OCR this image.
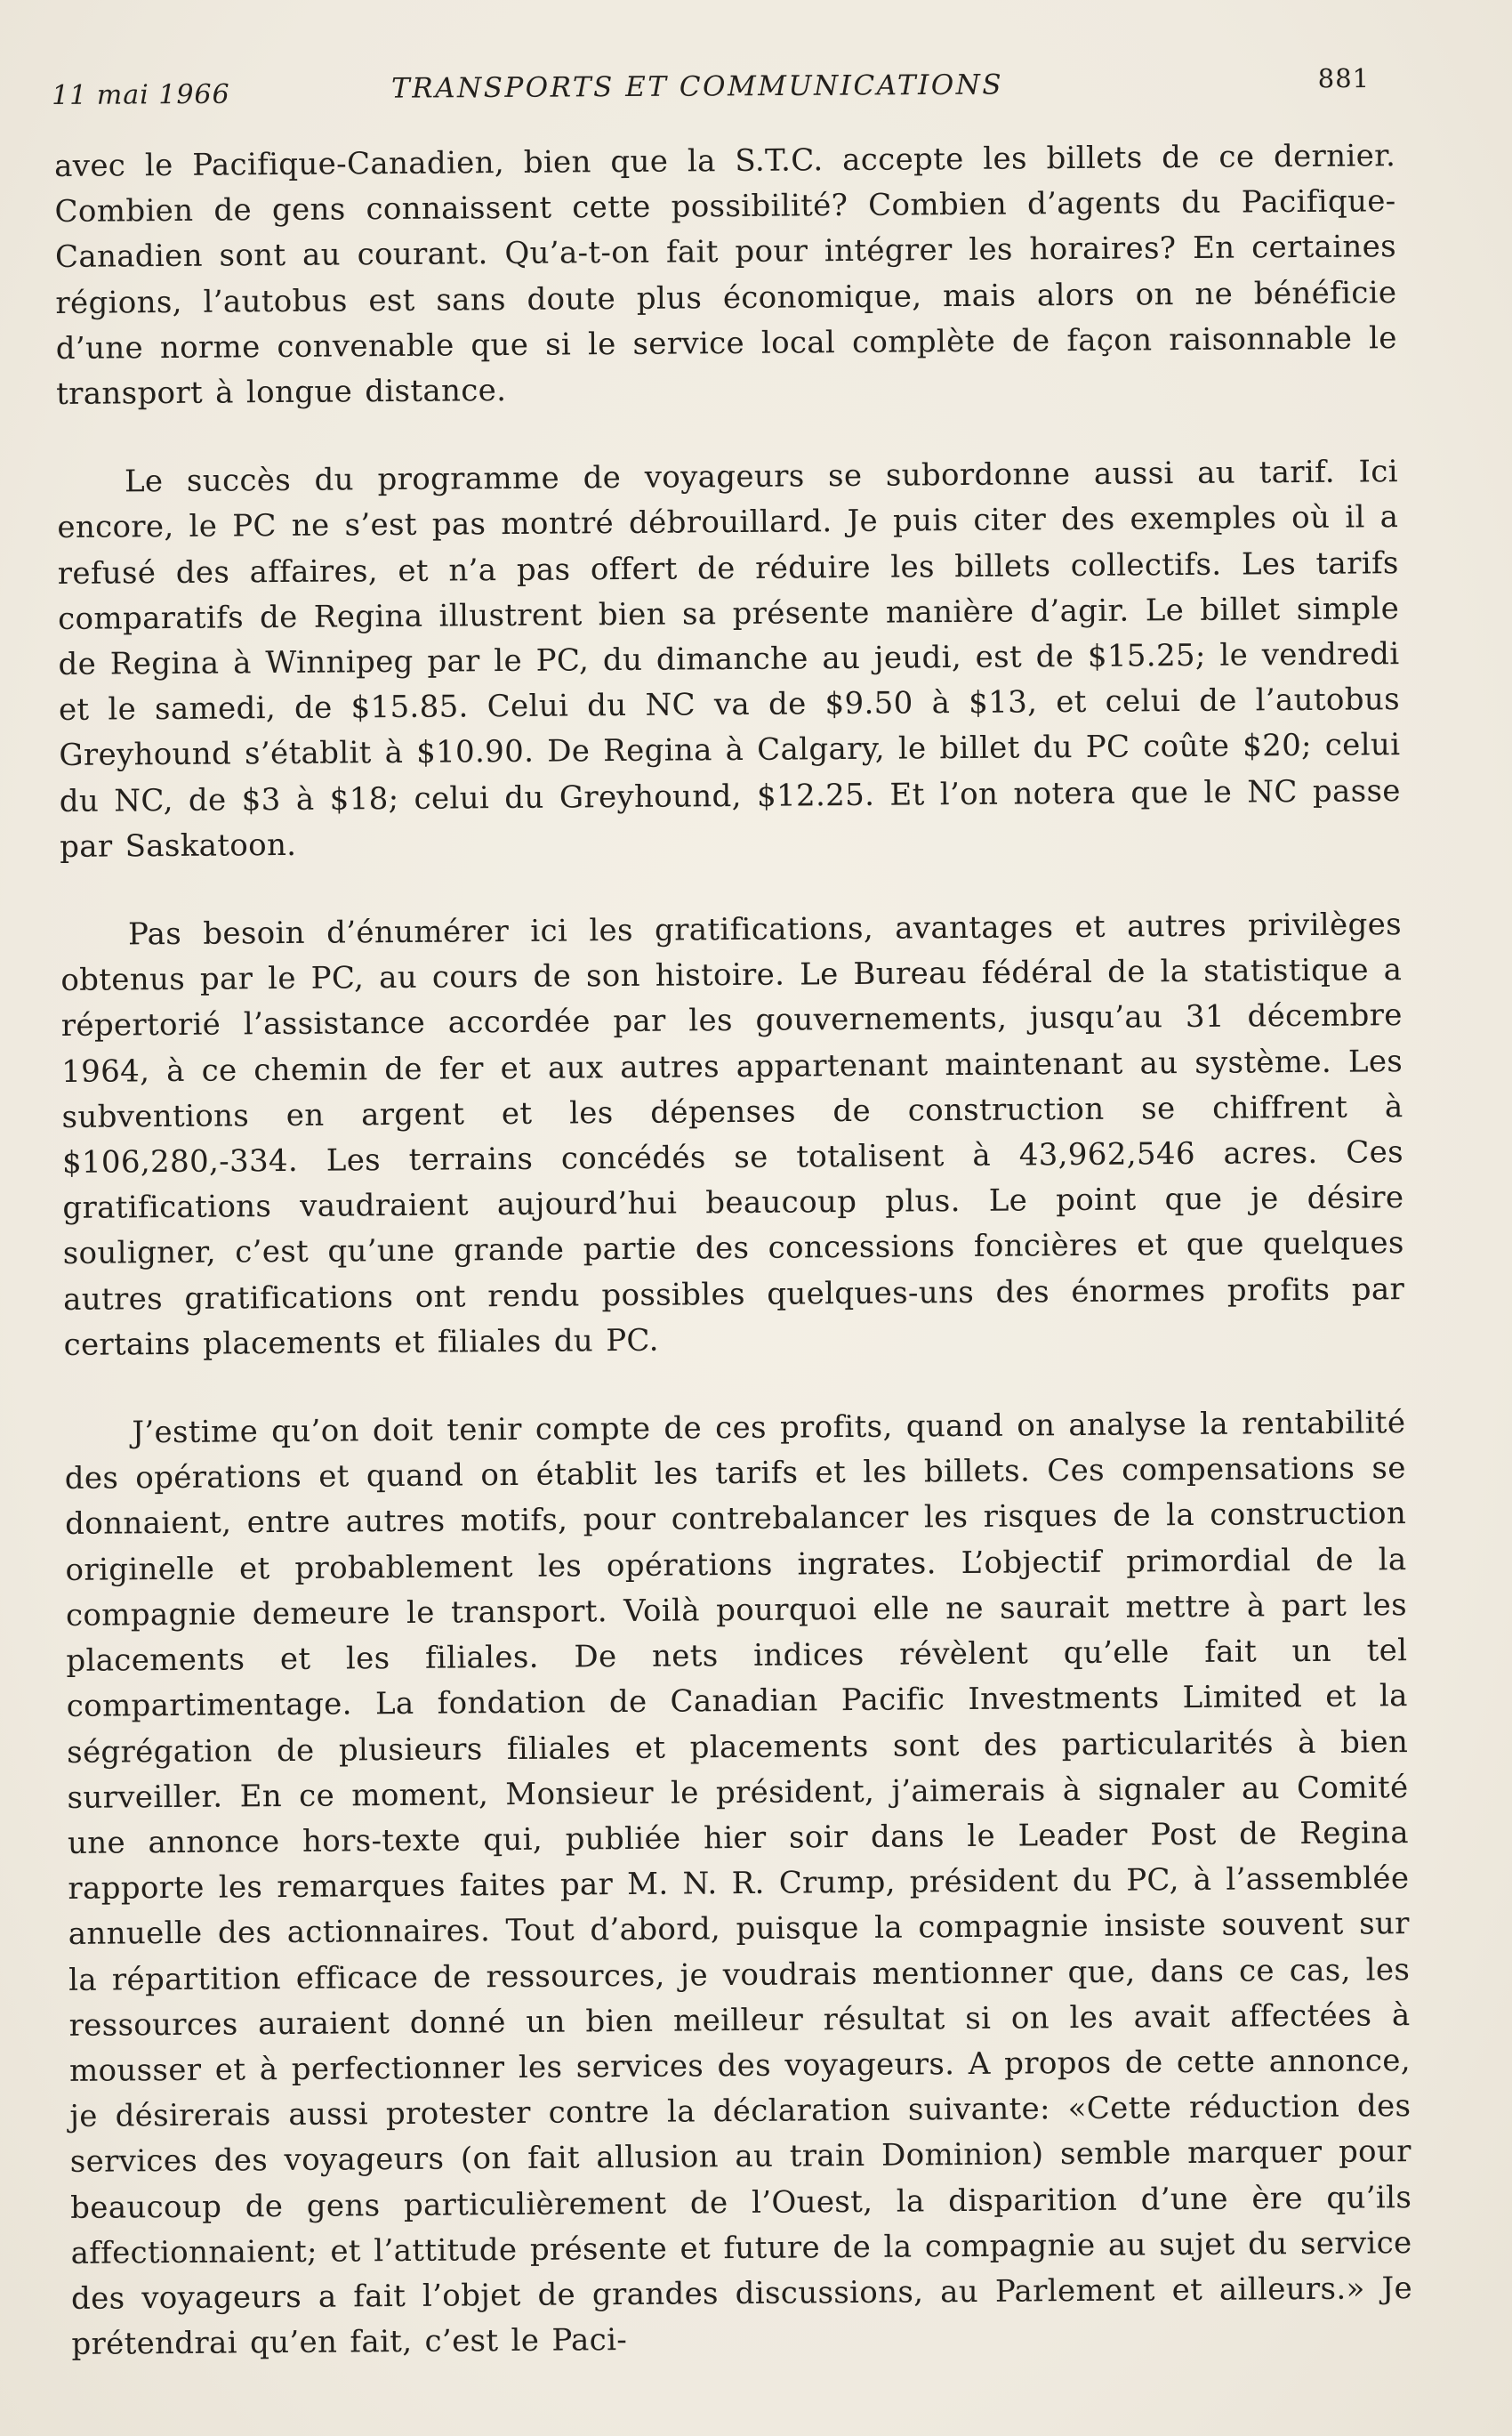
11 mai 1966	TRANSPORTS ET COMMUNICATIONS	881

avec le Pacifique-Canadien, bien que la S.T.C. accepte les billets de ce dernier. Combien de gens connaissent cette possibilité? Combien d’agents du Pacifique-Canadien sont au courant. Qu’a-t-on fait pour intégrer les horaires? En certaines régions, l’autobus est sans doute plus économique, mais alors on ne bénéficie d’une norme convenable que si le service local complète de façon raisonnable le transport à longue distance.

Le succès du programme de voyageurs se subordonne aussi au tarif. Ici encore, le PC ne s’est pas montré débrouillard. Je puis citer des exemples où il a refusé des affaires, et n’a pas offert de réduire les billets collectifs. Les tarifs comparatifs de Regina illustrent bien sa présente manière d’agir. Le billet simple de Regina à Winnipeg par le PC, du dimanche au jeudi, est de $15.25; le vendredi et le samedi, de $15.85. Celui du NC va de $9.50 à $13, et celui de l’autobus Greyhound s’établit à $10.90. De Regina à Calgary, le billet du PC coûte $20; celui du NC, de $3 à $18; celui du Greyhound, $12.25. Et l’on notera que le NC passe par Saskatoon.

Pas besoin d’énumérer ici les gratifications, avantages et autres privilèges obtenus par le PC, au cours de son histoire. Le Bureau fédéral de la statistique a répertorié l’assistance accordée par les gouvernements, jusqu’au 31 décembre 1964, à ce chemin de fer et aux autres appartenant maintenant au système. Les subventions en argent et les dépenses de construction se chiffrent à $106,280,-334. Les terrains concédés se totalisent à 43,962,546 acres. Ces gratifications vaudraient aujourd’hui beaucoup plus. Le point que je désire souligner, c’est qu’une grande partie des concessions foncières et que quelques autres gratifications ont rendu possibles quelques-uns des énormes profits par certains placements et filiales du PC.

J’estime qu’on doit tenir compte de ces profits, quand on analyse la rentabilité des opérations et quand on établit les tarifs et les billets. Ces compensations se donnaient, entre autres motifs, pour contrebalancer les risques de la construction originelle et probablement les opérations ingrates. L’objectif primordial de la compagnie demeure le transport. Voilà pourquoi elle ne saurait mettre à part les placements et les filiales. De nets indices révèlent qu’elle fait un tel compartimentage. La fondation de Canadian Pacific Investments Limited et la ségrégation de plusieurs filiales et placements sont des particularités à bien surveiller. En ce moment, Monsieur le président, j’aimerais à signaler au Comité une annonce hors-texte qui, publiée hier soir dans le Leader Post de Regina rapporte les remarques faites par M. N. R. Crump, président du PC, à l’assemblée annuelle des actionnaires. Tout d’abord, puisque la compagnie insiste souvent sur la répartition efficace de ressources, je voudrais mentionner que, dans ce cas, les ressources auraient donné un bien meilleur résultat si on les avait affectées à mousser et à perfectionner les services des voyageurs. A propos de cette annonce, je désirerais aussi protester contre la déclaration suivante: «Cette réduction des services des voyageurs (on fait allusion au train Dominion) semble marquer pour beaucoup de gens particulièrement de l’Ouest, la disparition d’une ère qu’ils affectionnaient; et l’attitude présente et future de la compagnie au sujet du service des voyageurs a fait l’objet de grandes discussions, au Parlement et ailleurs.» Je prétendrai qu’en fait, c’est le Paci-
